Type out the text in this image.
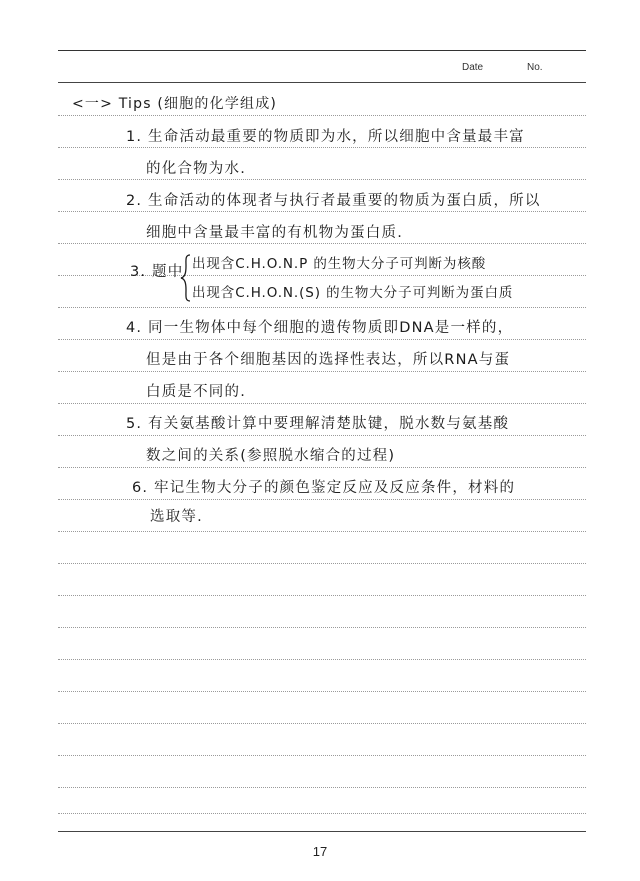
Date	No.
<一> Tips (细胞的化学组成)
1. 生命活动最重要的物质即为水，所以细胞中含量最丰富
的化合物为水.
2. 生命活动的体现者与执行者最重要的物质为蛋白质，所以
细胞中含量最丰富的有机物为蛋白质.
3. 题中 出现含C.H.O.N.P 的生物大分子可判断为核酸
出现含C.H.O.N.(S) 的生物大分子可判断为蛋白质
4. 同一生物体中每个细胞的遗传物质即DNA是一样的，
但是由于各个细胞基因的选择性表达，所以RNA与蛋
白质是不同的.
5. 有关氨基酸计算中要理解清楚肽键，脱水数与氨基酸
数之间的关系(参照脱水缩合的过程)
6. 牢记生物大分子的颜色鉴定反应及反应条件，材料的
选取等.
17
